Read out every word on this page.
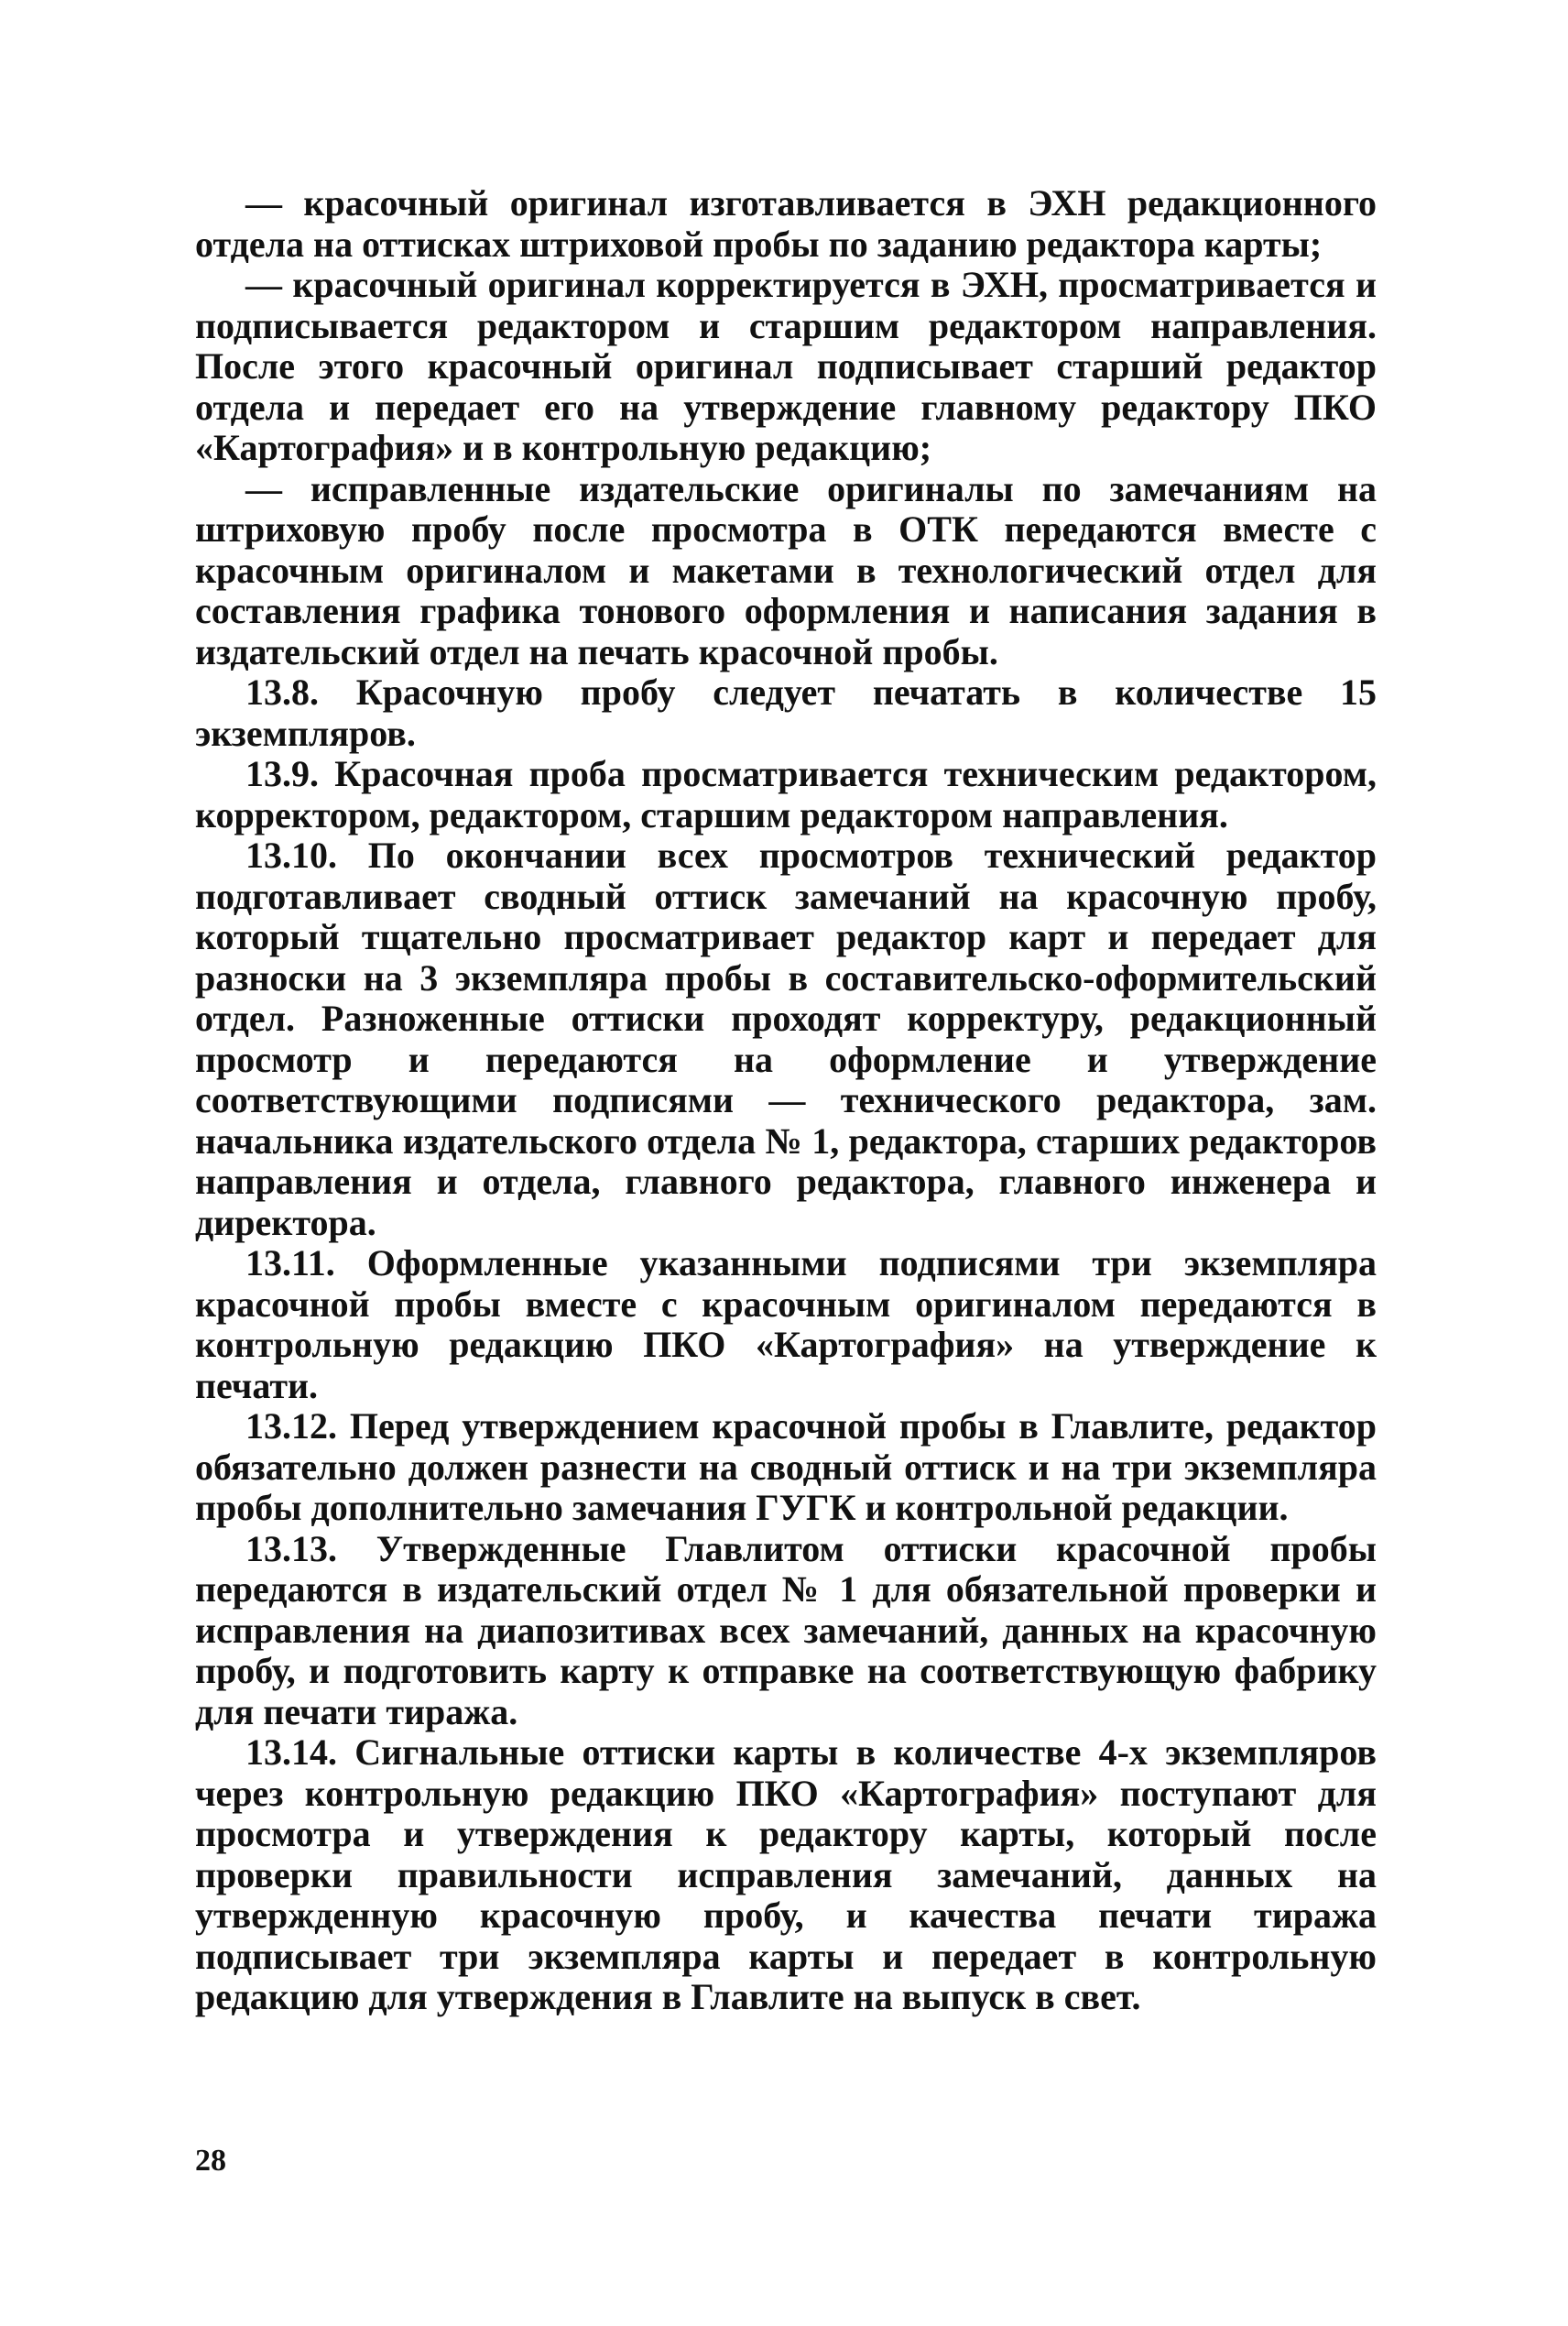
— красочный оригинал изготавливается в ЭХН редакционного отдела на оттисках штриховой пробы по заданию редактора карты;

— красочный оригинал корректируется в ЭХН, просматривается и подписывается редактором и старшим редактором направления. После этого красочный оригинал подписывает старший редактор отдела и передает его на утверждение главному редактору ПКО «Картография» и в контрольную редакцию;

— исправленные издательские оригиналы по замечаниям на штриховую пробу после просмотра в ОТК передаются вместе с красочным оригиналом и макетами в технологический отдел для составления графика тонового оформления и написания задания в издательский отдел на печать красочной пробы.

13.8. Красочную пробу следует печатать в количестве 15 экземпляров.

13.9. Красочная проба просматривается техническим редактором, корректором, редактором, старшим редактором направления.

13.10. По окончании всех просмотров технический редактор подготавливает сводный оттиск замечаний на красочную пробу, который тщательно просматривает редактор карт и передает для разноски на 3 экземпляра пробы в составительско-оформительский отдел. Разноженные оттиски проходят корректуру, редакционный просмотр и передаются на оформление и утверждение соответствующими подписями — технического редактора, зам. начальника издательского отдела № 1, редактора, старших редакторов направления и отдела, главного редактора, главного инженера и директора.

13.11. Оформленные указанными подписями три экземпляра красочной пробы вместе с красочным оригиналом передаются в контрольную редакцию ПКО «Картография» на утверждение к печати.

13.12. Перед утверждением красочной пробы в Главлите, редактор обязательно должен разнести на сводный оттиск и на три экземпляра пробы дополнительно замечания ГУГК и контрольной редакции.

13.13. Утвержденные Главлитом оттиски красочной пробы передаются в издательский отдел № 1 для обязательной проверки и исправления на диапозитивах всех замечаний, данных на красочную пробу, и подготовить карту к отправке на соответствующую фабрику для печати тиража.

13.14. Сигнальные оттиски карты в количестве 4-х экземпляров через контрольную редакцию ПКО «Картография» поступают для просмотра и утверждения к редактору карты, который после проверки правильности исправления замечаний, данных на утвержденную красочную пробу, и качества печати тиража подписывает три экземпляра карты и передает в контрольную редакцию для утверждения в Главлите на выпуск в свет.

28
